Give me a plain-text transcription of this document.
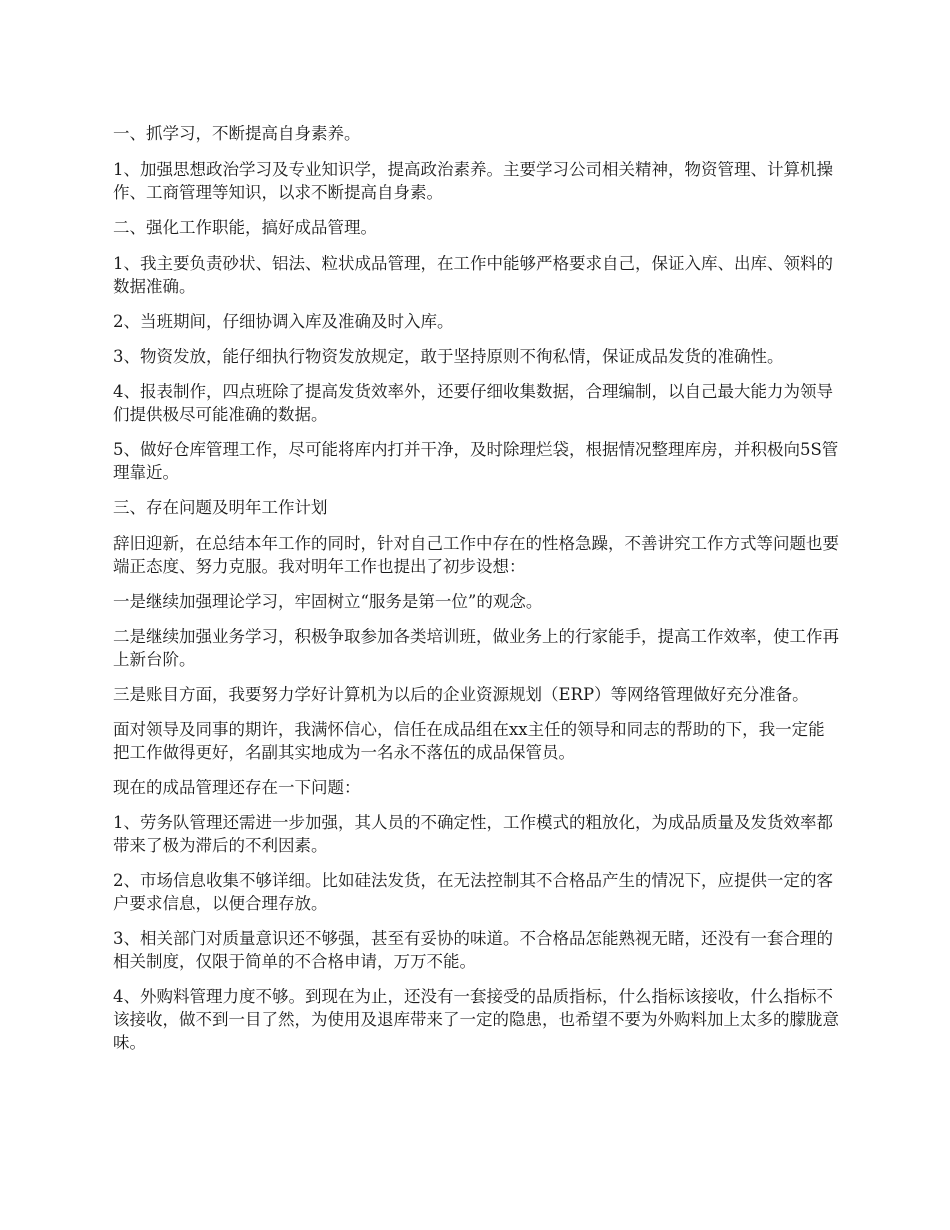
一、抓学习，不断提高自身素养。

1、加强思想政治学习及专业知识学，提高政治素养。主要学习公司相关精神，物资管理、计算机操作、工商管理等知识，以求不断提高自身素。

二、强化工作职能，搞好成品管理。

1、我主要负责砂状、铝法、粒状成品管理，在工作中能够严格要求自己，保证入库、出库、领料的数据准确。

2、当班期间，仔细协调入库及准确及时入库。

3、物资发放，能仔细执行物资发放规定，敢于坚持原则不徇私情，保证成品发货的准确性。

4、报表制作，四点班除了提高发货效率外，还要仔细收集数据，合理编制，以自己最大能力为领导们提供极尽可能准确的数据。

5、做好仓库管理工作，尽可能将库内打并干净，及时除理烂袋，根据情况整理库房，并积极向5S管理靠近。

三、存在问题及明年工作计划

辞旧迎新，在总结本年工作的同时，针对自己工作中存在的性格急躁，不善讲究工作方式等问题也要端正态度、努力克服。我对明年工作也提出了初步设想：

一是继续加强理论学习，牢固树立“服务是第一位”的观念。

二是继续加强业务学习，积极争取参加各类培训班，做业务上的行家能手，提高工作效率，使工作再上新台阶。

三是账目方面，我要努力学好计算机为以后的企业资源规划（ERP）等网络管理做好充分准备。

面对领导及同事的期许，我满怀信心，信任在成品组在xx主任的领导和同志的帮助的下，我一定能把工作做得更好，名副其实地成为一名永不落伍的成品保管员。

现在的成品管理还存在一下问题：

1、劳务队管理还需进一步加强，其人员的不确定性，工作模式的粗放化，为成品质量及发货效率都带来了极为滞后的不利因素。

2、市场信息收集不够详细。比如硅法发货，在无法控制其不合格品产生的情况下，应提供一定的客户要求信息，以便合理存放。

3、相关部门对质量意识还不够强，甚至有妥协的味道。不合格品怎能熟视无睹，还没有一套合理的相关制度，仅限于简单的不合格申请，万万不能。

4、外购料管理力度不够。到现在为止，还没有一套接受的品质指标，什么指标该接收，什么指标不该接收，做不到一目了然，为使用及退库带来了一定的隐患，也希望不要为外购料加上太多的朦胧意味。
